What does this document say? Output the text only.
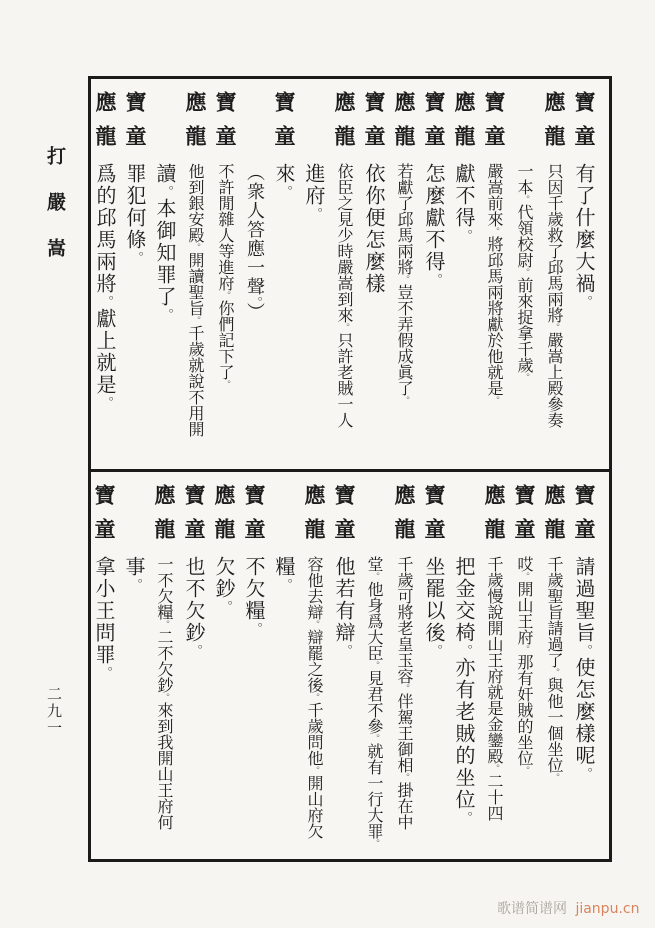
打嚴嵩
寶童有了什麼大禍。
應龍只因千歲救了邱馬兩將。嚴嵩上殿參奏
一本。代領校尉。前來捉拿千歲。
寶童嚴嵩前來。將邱馬兩將獻於他就是。
應龍獻不得。
寶童怎麼獻不得。
應龍若獻了邱馬兩將。豈不弄假成眞了。
寶童依你便怎麼樣
應龍依臣之見少時嚴嵩到來。只許老賊一人
進府。
寶童來。
（衆人答應一聲。）
寶童不許閒雜人等進府。你們記下了。
應龍他到銀安殿。開讀聖旨。千歲就說不用開
讀。本御知罪了。
寶童罪犯何條。
應龍爲的邱馬兩將。獻上就是。
寶童請過聖旨。使怎麼樣呢。
應龍千歲聖旨請過了。與他一個坐位。
寶童哎。開山王府。那有奸賊的坐位。
應龍千歲慢說開山王府就是金鑾殿。二十四
把金交椅。亦有老賊的坐位。
寶童坐罷以後。
應龍千歲可將老皇玉容。伴駕王御相。掛在中
堂。他身爲大臣。見君不參。就有一行大罪。
寶童他若有辯。
應龍容他去辯。辯罷之後。千歲問他。開山府欠
糧。
寶童不欠糧。
應龍欠鈔。
寶童也不欠鈔。
應龍一不欠糧。二不欠鈔。來到我開山王府何
事。
寶童拿小王問罪。
二九一
歌谱简谱网 jianpu.cn
